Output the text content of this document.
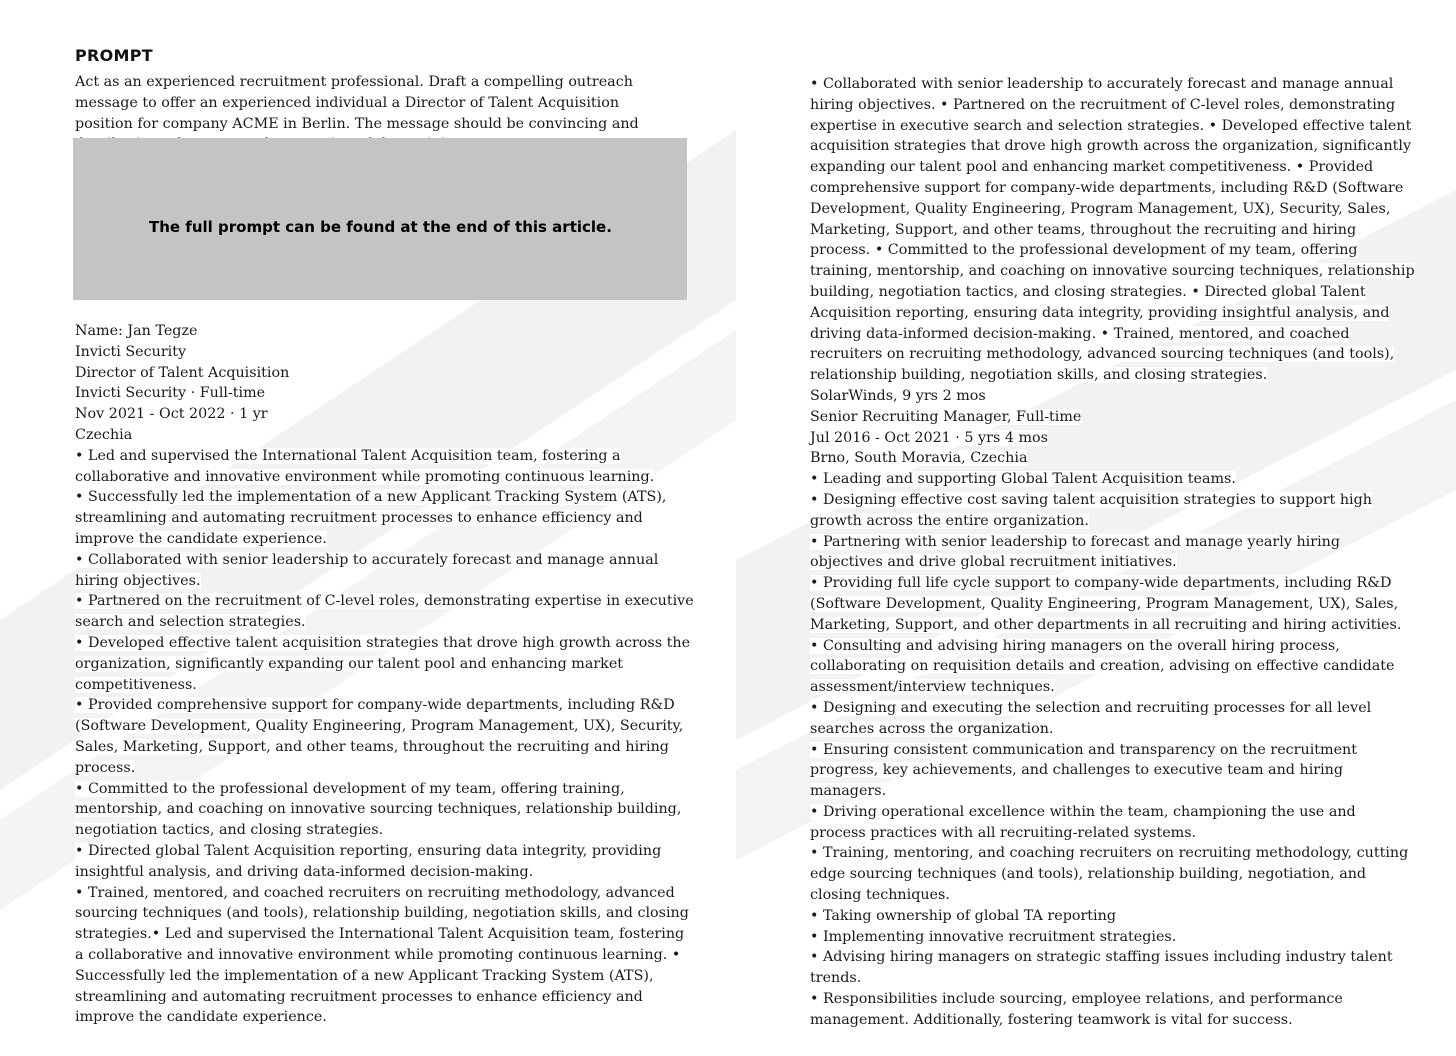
PROMPT

Act as an experienced recruitment professional. Draft a compelling outreach message to offer an experienced individual a Director of Talent Acquisition position for company ACME in Berlin. The message should be convincing and

The full prompt can be found at the end of this article.

Name: Jan Tegze

Invicti Security

Director of Talent Acquisition

Invicti Security · Full-time

Nov 2021 - Oct 2022 · 1 yr

Czechia

• Led and supervised the International Talent Acquisition team, fostering a collaborative and innovative environment while promoting continuous learning.

• Successfully led the implementation of a new Applicant Tracking System (ATS), streamlining and automating recruitment processes to enhance efficiency and improve the candidate experience.

• Collaborated with senior leadership to accurately forecast and manage annual hiring objectives.

• Partnered on the recruitment of C-level roles, demonstrating expertise in executive search and selection strategies.

• Developed effective talent acquisition strategies that drove high growth across the organization, significantly expanding our talent pool and enhancing market competitiveness.

• Provided comprehensive support for company-wide departments, including R&D (Software Development, Quality Engineering, Program Management, UX), Security, Sales, Marketing, Support, and other teams, throughout the recruiting and hiring process.

• Committed to the professional development of my team, offering training, mentorship, and coaching on innovative sourcing techniques, relationship building, negotiation tactics, and closing strategies.

• Directed global Talent Acquisition reporting, ensuring data integrity, providing insightful analysis, and driving data-informed decision-making.

• Trained, mentored, and coached recruiters on recruiting methodology, advanced sourcing techniques (and tools), relationship building, negotiation skills, and closing strategies.• Led and supervised the International Talent Acquisition team, fostering a collaborative and innovative environment while promoting continuous learning. • Successfully led the implementation of a new Applicant Tracking System (ATS), streamlining and automating recruitment processes to enhance efficiency and improve the candidate experience.

• Collaborated with senior leadership to accurately forecast and manage annual hiring objectives. • Partnered on the recruitment of C-level roles, demonstrating expertise in executive search and selection strategies. • Developed effective talent acquisition strategies that drove high growth across the organization, significantly expanding our talent pool and enhancing market competitiveness. • Provided comprehensive support for company-wide departments, including R&D (Software Development, Quality Engineering, Program Management, UX), Security, Sales, Marketing, Support, and other teams, throughout the recruiting and hiring process. • Committed to the professional development of my team, offering training, mentorship, and coaching on innovative sourcing techniques, relationship building, negotiation tactics, and closing strategies. • Directed global Talent Acquisition reporting, ensuring data integrity, providing insightful analysis, and driving data-informed decision-making. • Trained, mentored, and coached recruiters on recruiting methodology, advanced sourcing techniques (and tools), relationship building, negotiation skills, and closing strategies.

SolarWinds, 9 yrs 2 mos

Senior Recruiting Manager, Full-time

Jul 2016 - Oct 2021 · 5 yrs 4 mos

Brno, South Moravia, Czechia

• Leading and supporting Global Talent Acquisition teams.

• Designing effective cost saving talent acquisition strategies to support high growth across the entire organization.

• Partnering with senior leadership to forecast and manage yearly hiring objectives and drive global recruitment initiatives.

• Providing full life cycle support to company-wide departments, including R&D (Software Development, Quality Engineering, Program Management, UX), Sales, Marketing, Support, and other departments in all recruiting and hiring activities.

• Consulting and advising hiring managers on the overall hiring process, collaborating on requisition details and creation, advising on effective candidate assessment/interview techniques.

• Designing and executing the selection and recruiting processes for all level searches across the organization.

• Ensuring consistent communication and transparency on the recruitment progress, key achievements, and challenges to executive team and hiring managers.

• Driving operational excellence within the team, championing the use and process practices with all recruiting-related systems.

• Training, mentoring, and coaching recruiters on recruiting methodology, cutting edge sourcing techniques (and tools), relationship building, negotiation, and closing techniques.

• Taking ownership of global TA reporting

• Implementing innovative recruitment strategies.

• Advising hiring managers on strategic staffing issues including industry talent trends.

• Responsibilities include sourcing, employee relations, and performance management. Additionally, fostering teamwork is vital for success.
